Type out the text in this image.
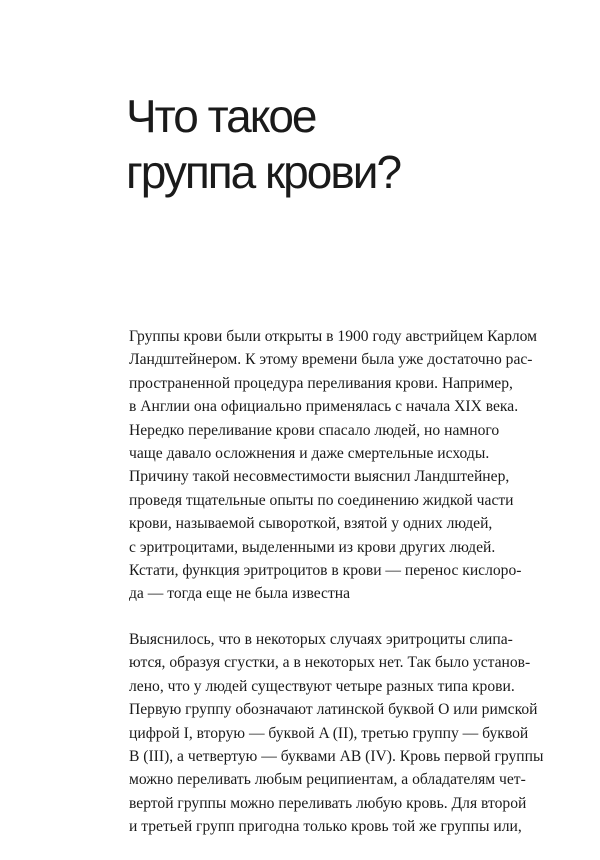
Что такое
группа крови?

Группы крови были открыты в 1900 году австрийцем Карлом
Ландштейнером. К этому времени была уже достаточно рас-
пространенной процедура переливания крови. Например,
в Англии она официально применялась с начала XIX века.
Нередко переливание крови спасало людей, но намного
чаще давало осложнения и даже смертельные исходы.
Причину такой несовместимости выяснил Ландштейнер,
проведя тщательные опыты по соединению жидкой части
крови, называемой сывороткой, взятой у одних людей,
с эритроцитами, выделенными из крови других людей.
Кстати, функция эритроцитов в крови — перенос кислоро-
да — тогда еще не была известна

Выяснилось, что в некоторых случаях эритроциты слипа-
ются, образуя сгустки, а в некоторых нет. Так было установ-
лено, что у людей существуют четыре разных типа крови.
Первую группу обозначают латинской буквой O или римской
цифрой I, вторую — буквой A (II), третью группу — буквой
B (III), а четвертую — буквами AB (IV). Кровь первой группы
можно переливать любым реципиентам, а обладателям чет-
вертой группы можно переливать любую кровь. Для второй
и третьей групп пригодна только кровь той же группы или,
